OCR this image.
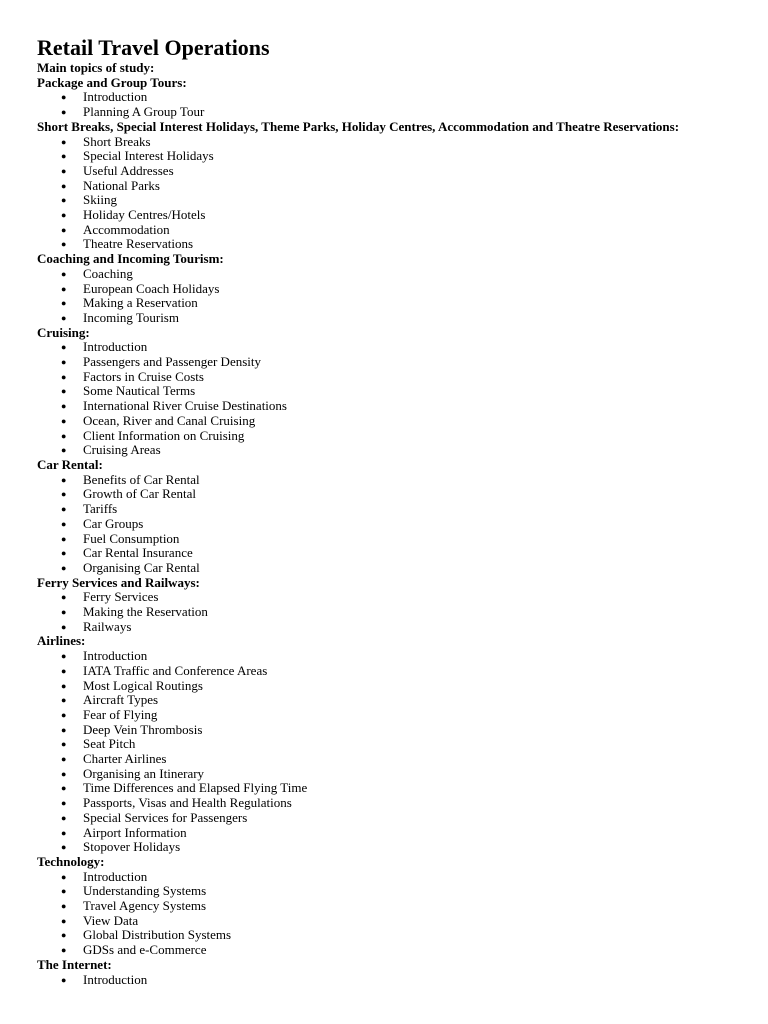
Retail Travel Operations
Main topics of study:
Package and Group Tours:
● Introduction
● Planning A Group Tour
Short Breaks, Special Interest Holidays, Theme Parks, Holiday Centres, Accommodation and Theatre Reservations:
● Short Breaks
● Special Interest Holidays
● Useful Addresses
● National Parks
● Skiing
● Holiday Centres/Hotels
● Accommodation
● Theatre Reservations
Coaching and Incoming Tourism:
● Coaching
● European Coach Holidays
● Making a Reservation
● Incoming Tourism
Cruising:
● Introduction
● Passengers and Passenger Density
● Factors in Cruise Costs
● Some Nautical Terms
● International River Cruise Destinations
● Ocean, River and Canal Cruising
● Client Information on Cruising
● Cruising Areas
Car Rental:
● Benefits of Car Rental
● Growth of Car Rental
● Tariffs
● Car Groups
● Fuel Consumption
● Car Rental Insurance
● Organising Car Rental
Ferry Services and Railways:
● Ferry Services
● Making the Reservation
● Railways
Airlines:
● Introduction
● IATA Traffic and Conference Areas
● Most Logical Routings
● Aircraft Types
● Fear of Flying
● Deep Vein Thrombosis
● Seat Pitch
● Charter Airlines
● Organising an Itinerary
● Time Differences and Elapsed Flying Time
● Passports, Visas and Health Regulations
● Special Services for Passengers
● Airport Information
● Stopover Holidays
Technology:
● Introduction
● Understanding Systems
● Travel Agency Systems
● View Data
● Global Distribution Systems
● GDSs and e-Commerce
The Internet:
● Introduction
